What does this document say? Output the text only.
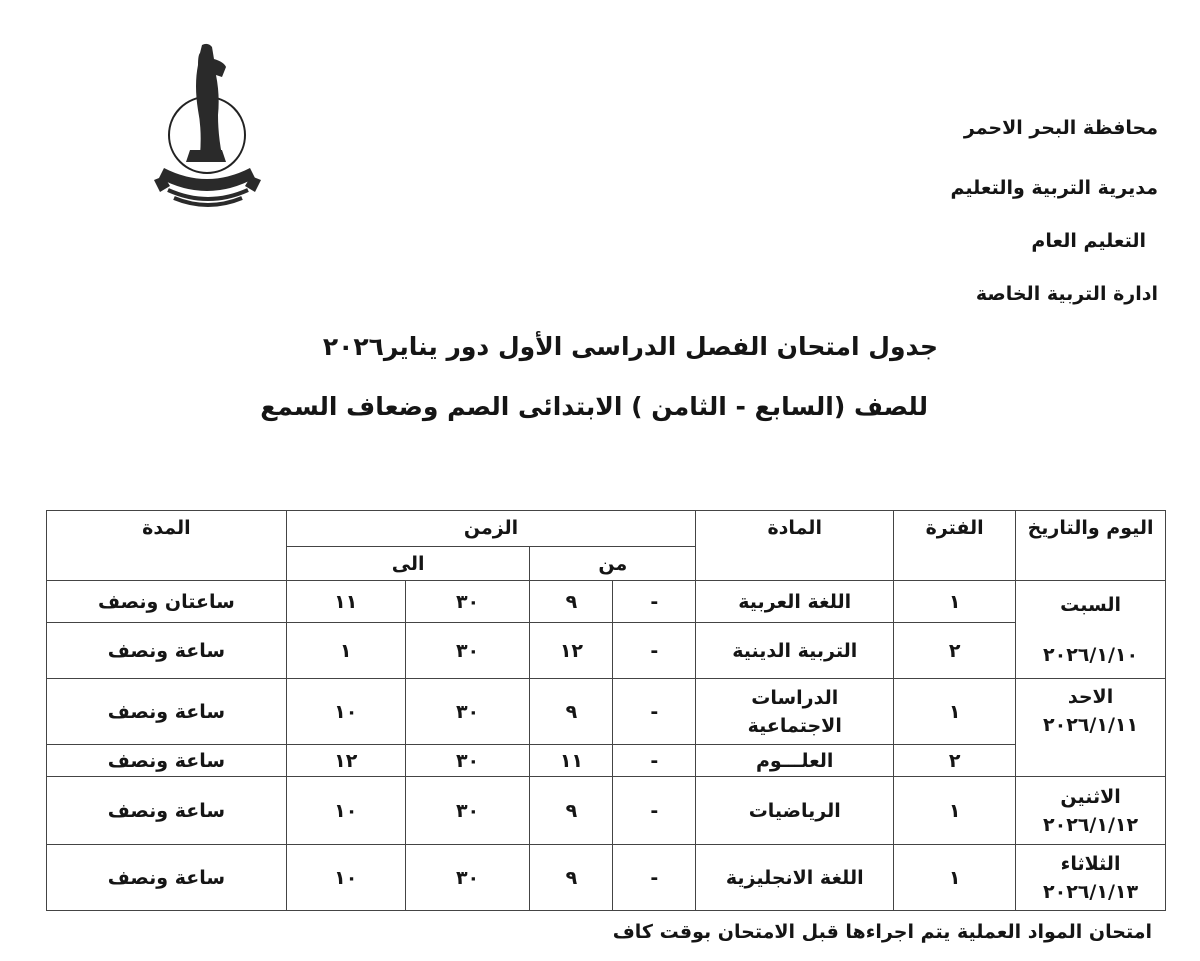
محافظة البحر الاحمر

مديرية التربية والتعليم

التعليم العام

ادارة التربية الخاصة

جدول امتحان الفصل الدراسى الأول دور يناير٢٠٢٦
للصف (السابع - الثامن ) الابتدائى الصم وضعاف السمع
اليوم والتاريخ	الفترة	المادة	الزمن				المدة
			من		الى		

السبت
٢٠٢٦/١/١٠	١	اللغة العربية	-	٩	٣٠	١١	ساعتان ونصف
	٢	التربية الدينية	-	١٢	٣٠	١	ساعة ونصف

الاحد
٢٠٢٦/١/١١	١	الدراسات الاجتماعية	-	٩	٣٠	١٠	ساعة ونصف
	٢	العلـــوم	-	١١	٣٠	١٢	ساعة ونصف

الاثنين
٢٠٢٦/١/١٢	١	الرياضيات	-	٩	٣٠	١٠	ساعة ونصف

الثلاثاء
٢٠٢٦/١/١٣	١	اللغة الانجليزية	-	٩	٣٠	١٠	ساعة ونصف
امتحان المواد العملية يتم اجراءها قبل الامتحان بوقت كاف
